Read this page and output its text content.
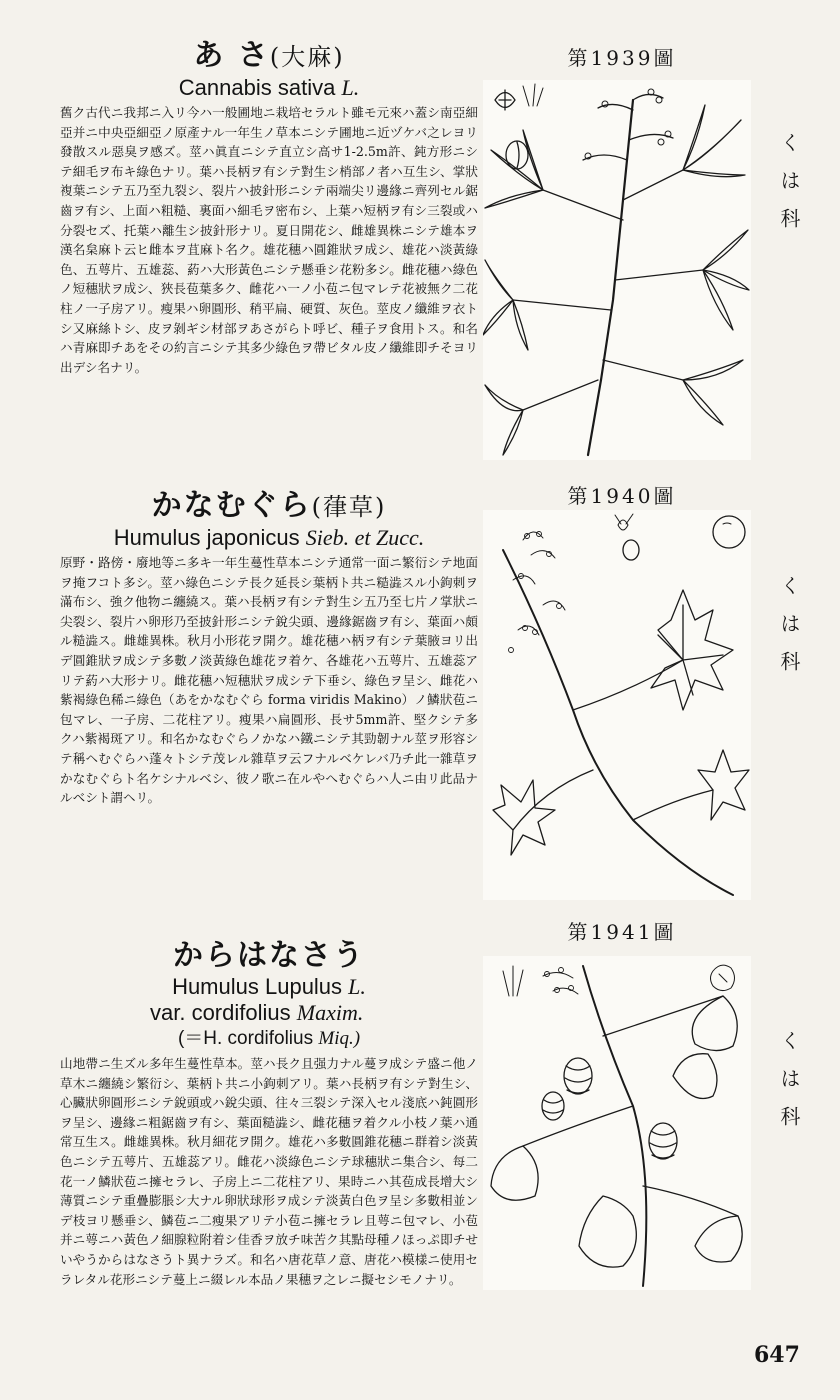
あ さ(大麻)
Cannabis sativa L.
舊ク古代ニ我邦ニ入リ今ハ一般圃地ニ栽培セラルト雖モ元來ハ蓋シ南亞細亞并ニ中央亞細亞ノ原產ナル一年生ノ草本ニシテ圃地ニ近ヅケバ之レヨリ發散スル惡臭ヲ感ズ。莖ハ眞直ニシテ直立シ高サ1-2.5m許、鈍方形ニシテ細毛ヲ布キ綠色ナリ。葉ハ長柄ヲ有シテ對生シ梢部ノ者ハ互生シ、掌狀複葉ニシテ五乃至九裂シ、裂片ハ披針形ニシテ兩端尖リ邊緣ニ齊列セル鋸齒ヲ有シ、上面ハ粗糙、裏面ハ細毛ヲ密布シ、上葉ハ短柄ヲ有シ三裂或ハ分裂セズ、托葉ハ離生シ披針形ナリ。夏日開花シ、雌雄異株ニシテ雄本ヲ漢名枲麻ト云ヒ雌本ヲ苴麻ト名ク。雄花穗ハ圓錐狀ヲ成シ、雄花ハ淡黃綠色、五萼片、五雄蕊、葯ハ大形黃色ニシテ懸垂シ花粉多シ。雌花穗ハ綠色ノ短穗狀ヲ成シ、狹長苞葉多ク、雌花ハ一ノ小苞ニ包マレテ花被無ク二花柱ノ一子房アリ。瘦果ハ卵圓形、稍平扁、硬質、灰色。莖皮ノ纖維ヲ衣トシ又麻絲トシ、皮ヲ剝ギシ材部ヲあさがらト呼ビ、種子ヲ食用トス。和名ハ青麻即チあをその約言ニシテ其多少綠色ヲ帶ビタル皮ノ纖維即チそヨリ出デシ名ナリ。
かなむぐら(葎草)
Humulus japonicus Sieb. et Zucc.
原野・路傍・廢地等ニ多キ一年生蔓性草本ニシテ通常一面ニ繁衍シテ地面ヲ掩フコト多シ。莖ハ綠色ニシテ長ク延長シ葉柄ト共ニ糙澁スル小鉤刺ヲ滿布シ、強ク他物ニ纏繞ス。葉ハ長柄ヲ有シテ對生シ五乃至七片ノ掌狀ニ尖裂シ、裂片ハ卵形乃至披針形ニシテ銳尖頭、邊緣鋸齒ヲ有シ、葉面ハ頗ル糙澁ス。雌雄異株。秋月小形花ヲ開ク。雄花穗ハ柄ヲ有シテ葉腋ヨリ出デ圓錐狀ヲ成シテ多數ノ淡黃綠色雄花ヲ着ケ、各雄花ハ五萼片、五雄蕊アリテ葯ハ大形ナリ。雌花穗ハ短穗狀ヲ成シテ下垂シ、綠色ヲ呈シ、雌花ハ紫褐綠色稀ニ綠色（あをかなむぐら forma viridis Makino）ノ鱗狀苞ニ包マレ、一子房、二花柱アリ。瘦果ハ扁圓形、長サ5mm許、堅クシテ多クハ紫褐斑アリ。和名かなむぐらノかなハ鐵ニシテ其勁韌ナル莖ヲ形容シテ稱ヘむぐらハ蓬々トシテ茂レル雜草ヲ云フナルベケレバ乃チ此一雜草ヲかなむぐらト名ケシナルベシ、彼ノ歌ニ在ルやへむぐらハ人ニ由リ此品ナルベシト謂ヘリ。
からはなさう
Humulus Lupulus L.
var. cordifolius Maxim.
(＝H. cordifolius Miq.)
山地帶ニ生ズル多年生蔓性草本。莖ハ長ク且强力ナル蔓ヲ成シテ盛ニ他ノ草木ニ纏繞シ繁衍シ、葉柄ト共ニ小鉤刺アリ。葉ハ長柄ヲ有シテ對生シ、心臟狀卵圓形ニシテ銳頭或ハ銳尖頭、往々三裂シテ深入セル淺底ハ鈍圓形ヲ呈シ、邊緣ニ粗鋸齒ヲ有シ、葉面糙澁シ、雌花穗ヲ着クル小枝ノ葉ハ通常互生ス。雌雄異株。秋月細花ヲ開ク。雄花ハ多數圓錐花穗ニ群着シ淡黃色ニシテ五萼片、五雄蕊アリ。雌花ハ淡綠色ニシテ球穗狀ニ集合シ、每二花一ノ鱗狀苞ニ擁セラレ、子房上ニ二花柱アリ、果時ニハ其苞成長增大シ薄質ニシテ重疊膨脹シ大ナル卵狀球形ヲ成シテ淡黃白色ヲ呈シ多數相並ンデ枝ヨリ懸垂シ、鱗苞ニ二瘦果アリテ小苞ニ擁セラレ且萼ニ包マレ、小苞并ニ萼ニハ黃色ノ細腺粒附着シ佳香ヲ放チ味苦ク其點母種ノほっぷ即チせいやうからはなさうト異ナラズ。和名ハ唐花草ノ意、唐花ハ模樣ニ使用セラレタル花形ニシテ蔓上ニ綴レル本品ノ果穗ヲ之レニ擬セシモノナリ。
第1939圖
第1940圖
第1941圖
くは科
くは科
くは科
647
